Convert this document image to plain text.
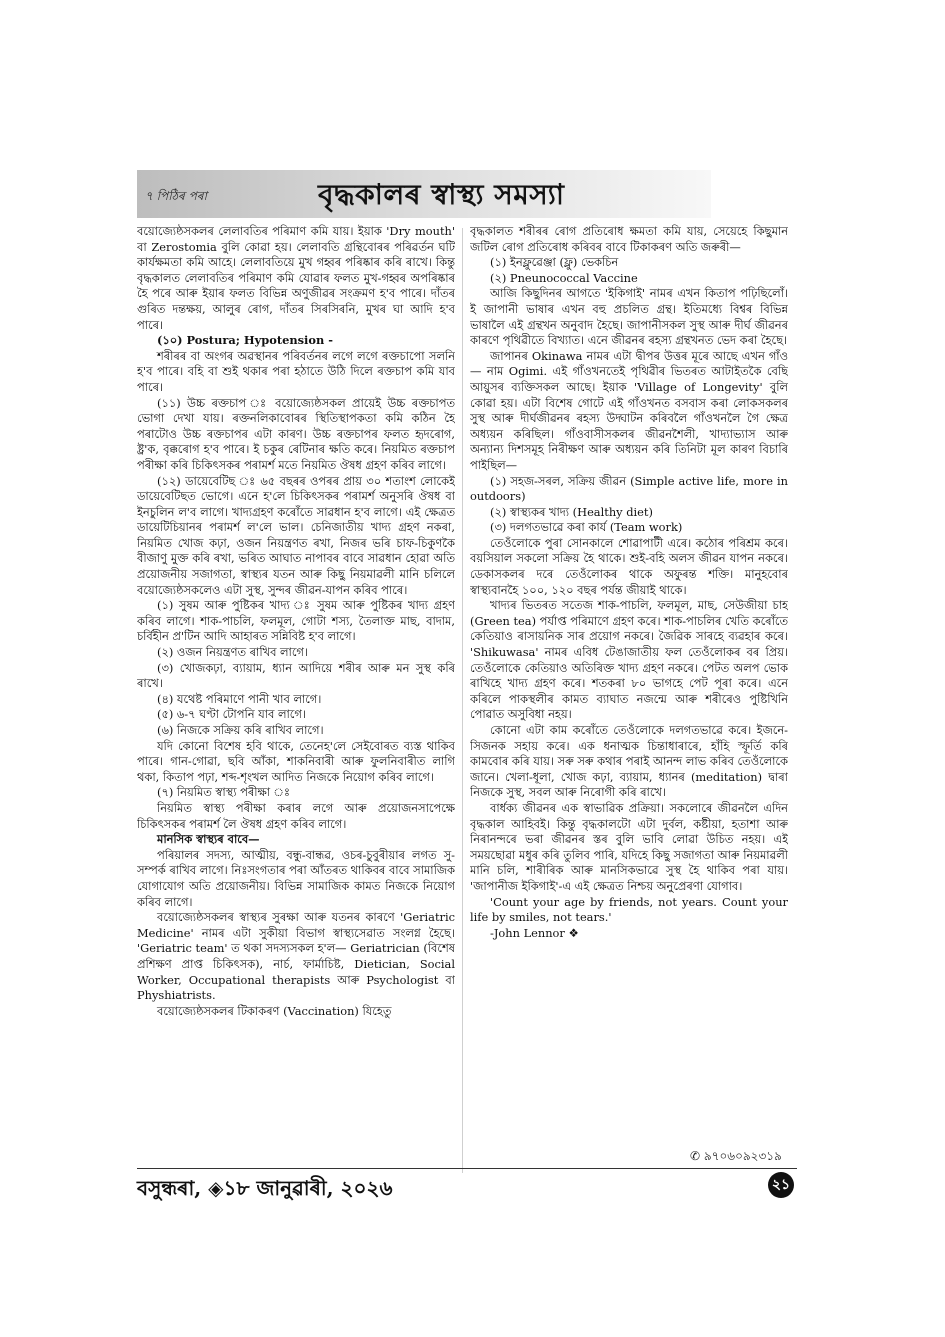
৭ পিঠিৰ পৰা	বৃদ্ধকালৰ স্বাস্থ্য সমস্যা

বয়োজ্যেষ্ঠসকলৰ লেলাবতিৰ পৰিমাণ কমি যায়। ইয়াক 'Dry mouth' বা Zerostomia বুলি কোৱা হয়। লেলাবতি গ্ৰন্থিবোৰৰ পৰিৱৰ্তন ঘটি কাৰ্যক্ষমতা কমি আহে। লেলাবতিয়ে মুখ গহ্বৰ পৰিষ্কাৰ কৰি ৰাখে। কিন্তু বৃদ্ধকালত লেলাবতিৰ পৰিমাণ কমি যোৱাৰ ফলত মুখ-গহ্বৰ অপৰিষ্কাৰ হৈ পৰে আৰু ইয়াৰ ফলত বিভিন্ন অণুজীৱৰ সংক্ৰমণ হ'ব পাৰে। দাঁতৰ গুৰিত দন্তক্ষয়, আলুৰ ৰোগ, দাঁতৰ সিৰসিৰনি, মুখৰ ঘা আদি হ'ব পাৰে।

(১০) Postura; Hypotension -

শৰীৰৰ বা অংগৰ অৱস্থানৰ পৰিবৰ্তনৰ লগে লগে ৰক্তচাপো সলনি হ'ব পাৰে। বহি বা শুই থকাৰ পৰা হঠাতে উঠি দিলে ৰক্তচাপ কমি যাব পাৰে।

(১১) উচ্চ ৰক্তচাপ ঃ বয়োজ্যেষ্ঠসকল প্ৰায়েই উচ্চ ৰক্তচাপত ভোগা দেখা যায়। ৰক্তনলিকাবোৰৰ স্থিতিস্থাপকতা কমি কঠিন হৈ পৰাটোও উচ্চ ৰক্তচাপৰ এটা কাৰণ। উচ্চ ৰক্তচাপৰ ফলত হৃদৰোগ, ষ্ট্ৰ'ক, বৃক্কৰোগ হ'ব পাৰে। ই চকুৰ ৰেটিনাৰ ক্ষতি কৰে। নিয়মিত ৰক্তচাপ পৰীক্ষা কৰি চিকিৎসকৰ পৰামৰ্শ মতে নিয়মিত ঔষধ গ্ৰহণ কৰিব লাগে।

(১২) ডায়েবেটিছ ঃ ৬৫ বছৰৰ ওপৰৰ প্ৰায় ৩০ শতাংশ লোকেই ডায়েবেটিছত ভোগে। এনে হ'লে চিকিৎসকৰ পৰামৰ্শ অনুসৰি ঔষধ বা ইনচুলিন ল'ব লাগে। খাদ্যগ্ৰহণ কৰোঁতে সাৱধান হ'ব লাগে। এই ক্ষেত্ৰত ডায়েটিচিয়ানৰ পৰামৰ্শ ল'লে ভাল। চেনিজাতীয় খাদ্য গ্ৰহণ নকৰা, নিয়মিত খোজ কঢ়া, ওজন নিয়ন্ত্ৰণত ৰখা, নিজৰ ভৰি চাফ-চিকুণকৈ বীজাণু মুক্ত কৰি ৰখা, ভৰিত আঘাত নাপাবৰ বাবে সাৱধান হোৱা অতি প্ৰয়োজনীয় সজাগতা, স্বাস্থ্যৰ যতন আৰু কিছু নিয়মাৱলী মানি চলিলে বয়োজ্যেষ্ঠসকলেও এটা সুস্থ, সুন্দৰ জীৱন-যাপন কৰিব পাৰে।

(১) সুষম আৰু পুষ্টিকৰ খাদ্য ঃ সুষম আৰু পুষ্টিকৰ খাদ্য গ্ৰহণ কৰিব লাগে। শাক-পাচলি, ফলমূল, গোটা শস্য, তৈলাক্ত মাছ, বাদাম, চৰ্বিহীন প্ৰ'টিন আদি আহাৰত সন্নিবিষ্ট হ'ব লাগে।

(২) ওজন নিয়ন্ত্ৰণত ৰাখিব লাগে।

(৩) খোজকঢ়া, ব্যায়াম, ধ্যান আদিয়ে শৰীৰ আৰু মন সুস্থ কৰি ৰাখে।

(৪) যথেষ্ট পৰিমাণে পানী খাব লাগে।

(৫) ৬-৭ ঘণ্টা টোপনি যাব লাগে।

(৬) নিজকে সক্ৰিয় কৰি ৰাখিব লাগে।

যদি কোনো বিশেষ হবি থাকে, তেনেহ'লে সেইবোৰত ব্যস্ত থাকিব পাৰে। গান-গোৱা, ছবি আঁকা, শাকনিবাৰী আৰু ফুলনিবাৰীত লাগি থকা, কিতাপ পঢ়া, শব্দ-শৃংখল আদিত নিজকে নিয়োগ কৰিব লাগে।

(৭) নিয়মিত স্বাস্থ্য পৰীক্ষা ঃ

নিয়মিত স্বাস্থ্য পৰীক্ষা কৰাৰ লগে আৰু প্ৰয়োজনসাপেক্ষে চিকিৎসকৰ পৰামৰ্শ লৈ ঔষধ গ্ৰহণ কৰিব লাগে।

মানসিক স্বাস্থ্যৰ বাবে—

পৰিয়ালৰ সদস্য, আত্মীয়, বন্ধু-বান্ধৱ, ওচৰ-চুবুৰীয়াৰ লগত সু-সম্পৰ্ক ৰাখিব লাগে। নিঃসংগতাৰ পৰা আঁতৰত থাকিবৰ বাবে সামাজিক যোগাযোগ অতি প্ৰয়োজনীয়। বিভিন্ন সামাজিক কামত নিজকে নিয়োগ কৰিব লাগে।

বয়োজ্যেষ্ঠসকলৰ স্বাস্থ্যৰ সুৰক্ষা আৰু যতনৰ কাৰণে 'Geriatric Medicine' নামৰ এটা সুকীয়া বিভাগ স্বাস্থ্যসেৱাত সংলগ্ন হৈছে। 'Geriatric team' ত থকা সদস্যসকল হ'ল— Geriatrician (বিশেষ প্ৰশিক্ষণ প্ৰাপ্ত চিকিৎসক), নাৰ্চ, ফাৰ্মাচিষ্ট, Dietician, Social Worker, Occupational therapists আৰু Psychologist বা Physhiatrists.

বয়োজ্যেষ্ঠসকলৰ টিকাকৰণ (Vaccination) যিহেতু

বৃদ্ধকালত শৰীৰৰ ৰোগ প্ৰতিৰোধ ক্ষমতা কমি যায়, সেয়েহে কিছুমান জটিল ৰোগ প্ৰতিৰোধ কৰিবৰ বাবে টিকাকৰণ অতি জৰুৰী—

(১) ইনফ্লুৱেঞ্জা (ফ্লু) ভেকচিন

(২) Pneunococcal Vaccine

আজি কিছুদিনৰ আগতে 'ইকিগাই' নামৰ এখন কিতাপ পঢ়িছিলোঁ। ই জাপানী ভাষাৰ এখন বহু প্ৰচলিত গ্ৰন্থ। ইতিমধ্যে বিশ্বৰ বিভিন্ন ভাষালৈ এই গ্ৰন্থখন অনুবাদ হৈছে। জাপানীসকল সুস্থ আৰু দীৰ্ঘ জীৱনৰ কাৰণে পৃথিৱীতে বিখ্যাত। এনে জীৱনৰ ৰহস্য গ্ৰন্থখনত ভেদ কৰা হৈছে।

জাপানৰ Okinawa নামৰ এটা দ্বীপৰ উত্তৰ মূৰে আছে এখন গাঁও— নাম Ogimi. এই গাঁওখনতেই পৃথিৱীৰ ভিতৰত আটাইতকৈ বেছি আয়ুসৰ ব্যক্তিসকল আছে। ইয়াক 'Village of Longevity' বুলি কোৱা হয়। এটা বিশেষ গোটে এই গাঁওখনত বসবাস কৰা লোকসকলৰ সুস্থ আৰু দীৰ্ঘজীৱনৰ ৰহস্য উদ্ঘাটন কৰিবলৈ গাঁওখনলৈ গৈ ক্ষেত্ৰ অধ্যয়ন কৰিছিল। গাঁওবাসীসকলৰ জীৱনশৈলী, খাদ্যাভ্যাস আৰু অন্যান্য দিশসমূহ নিৰীক্ষণ আৰু অধ্যয়ন কৰি তিনিটা মূল কাৰণ বিচাৰি পাইছিল—

(১) সহজ-সৰল, সক্ৰিয় জীৱন (Simple active life, more in outdoors)

(২) স্বাস্থ্যকৰ খাদ্য (Healthy diet)

(৩) দলগতভাৱে কৰা কাৰ্য (Team work)

তেওঁলোকে পুৰা সোনকালে শোৱাপাটী এৰে। কঠোৰ পৰিশ্ৰম কৰে। বয়সিয়াল সকলো সক্ৰিয় হৈ থাকে। শুই-বহি অলস জীৱন যাপন নকৰে। ডেকাসকলৰ দৰে তেওঁলোকৰ থাকে অফুৰন্ত শক্তি। মানুহবোৰ স্বাস্থ্যবানহৈ ১০০, ১২০ বছৰ পৰ্যন্ত জীয়াই থাকে।

খাদ্যৰ ভিতৰত সতেজ শাক-পাচলি, ফলমূল, মাছ, সেউজীয়া চাহ (Green tea) পৰ্যাপ্ত পৰিমাণে গ্ৰহণ কৰে। শাক-পাচলিৰ খেতি কৰোঁতে কেতিয়াও ৰাসায়নিক সাৰ প্ৰয়োগ নকৰে। জৈৱিক সাৰহে ব্যৱহাৰ কৰে। 'Shikuwasa' নামৰ এবিধ টেঙাজাতীয় ফল তেওঁলোকৰ বৰ প্ৰিয়। তেওঁলোকে কেতিয়াও অতিৰিক্ত খাদ্য গ্ৰহণ নকৰে। পেটত অলপ ভোক ৰাখিহে খাদ্য গ্ৰহণ কৰে। শতকৰা ৮০ ভাগহে পেট পূৰা কৰে। এনে কৰিলে পাকস্থলীৰ কামত ব্যাঘাত নজন্মে আৰু শৰীৰেও পুষ্টিখিনি পোৱাত অসুবিধা নহয়।

কোনো এটা কাম কৰোঁতে তেওঁলোকে দলগতভাৱে কৰে। ইজনে-সিজনক সহায় কৰে। এক ধনাত্মক চিন্তাধাৰাৰে, হাঁহি স্ফূৰ্তি কৰি কামবোৰ কৰি যায়। সৰু সৰু কথাৰ পৰাই আনন্দ লাভ কৰিব তেওঁলোকে জানে। খেলা-ধূলা, খোজ কঢ়া, ব্যায়াম, ধ্যানৰ (meditation) দ্বাৰা নিজকে সুস্থ, সবল আৰু নিৰোগী কৰি ৰাখে।

বাৰ্ধক্য জীৱনৰ এক স্বাভাৱিক প্ৰক্ৰিয়া। সকলোৰে জীৱনলৈ এদিন বৃদ্ধকাল আহিবই। কিন্তু বৃদ্ধকালটো এটা দুৰ্বল, কষ্টীয়া, হতাশা আৰু নিৰানন্দৰে ভৰা জীৱনৰ স্তৰ বুলি ভাবি লোৱা উচিত নহয়। এই সময়ছোৱা মধুৰ কৰি তুলিব পাৰি, যদিহে কিছু সজাগতা আৰু নিয়মাৱলী মানি চলি, শাৰীৰিক আৰু মানসিকভাৱে সুস্থ হৈ থাকিব পৰা যায়। 'জাপানীজ ইকিগাই'-এ এই ক্ষেত্ৰত নিশ্চয় অনুপ্ৰেৰণা যোগাব।

'Count your age by friends, not years. Count your life by smiles, not tears.'

-John Lennor ❖

✆ ৯৭০৬০৯২৩১৯
বসুন্ধৰা, ◈১৮ জানুৱাৰী, ২০২৬	২১
